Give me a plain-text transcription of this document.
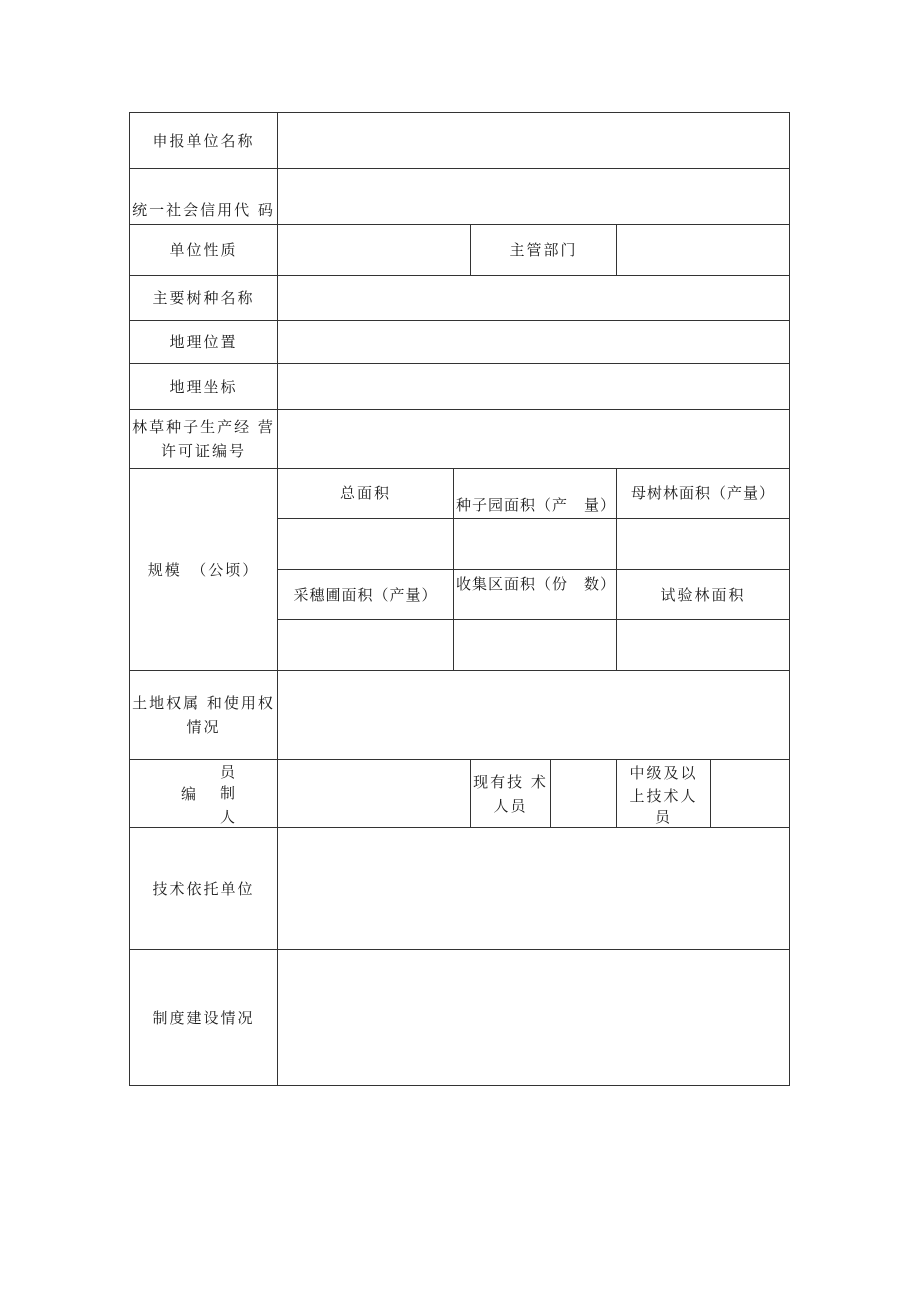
申报单位名称
统一社会信用代 码
单位性质	主管部门
主要树种名称
地理位置
地理坐标
林草种子生产经 营
许可证编号
规模　（公顷）
总面积
种子园面积（产　量）
母树林面积（产量）
采穗圃面积（产量）
收集区面积（份　数）
试验林面积
土地权属 和使用权
情况
编
员
制
人
现有技 术
人员
中级及以
上技术人
员
技术依托单位
制度建设情况
